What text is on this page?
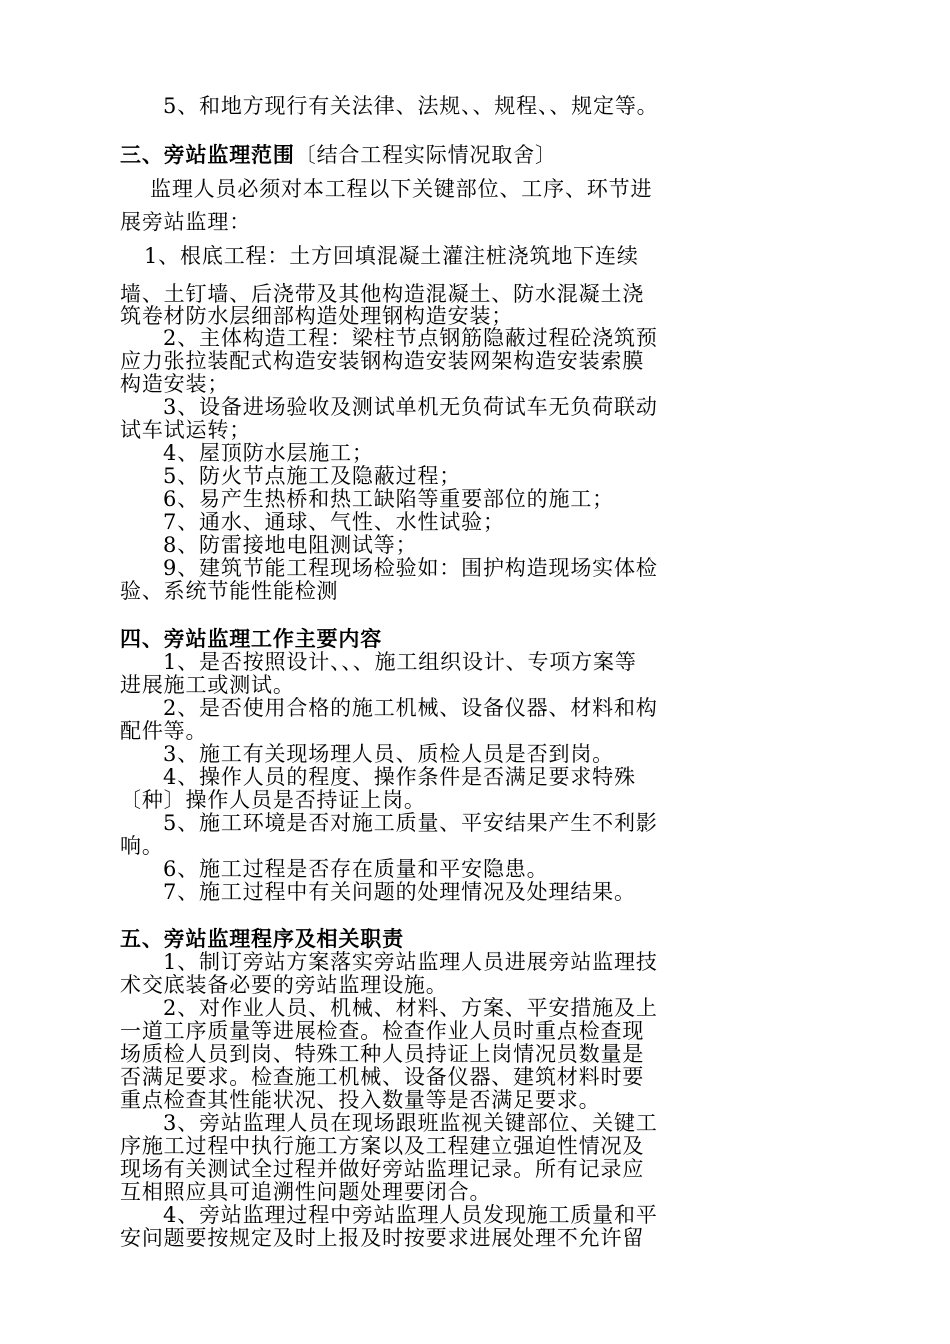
5、和地方现行有关法律、法规、、规程、、规定等。

三、旁站监理范围〔结合工程实际情况取舍〕

监理人员必须对本工程以下关键部位、工序、环节进

展旁站监理：

1、根底工程：土方回填混凝土灌注桩浇筑地下连续

墙、土钉墙、后浇带及其他构造混凝土、防水混凝土浇

筑卷材防水层细部构造处理钢构造安装；

2、主体构造工程：梁柱节点钢筋隐蔽过程砼浇筑预

应力张拉装配式构造安装钢构造安装网架构造安装索膜

构造安装；

3、设备进场验收及测试单机无负荷试车无负荷联动

试车试运转；

4、屋顶防水层施工；

5、防火节点施工及隐蔽过程；

6、易产生热桥和热工缺陷等重要部位的施工；

7、通水、通球、气性、水性试验；

8、防雷接地电阻测试等；

9、建筑节能工程现场检验如：围护构造现场实体检

验、系统节能性能检测

四、旁站监理工作主要内容

1、是否按照设计、、、施工组织设计、专项方案等

进展施工或测试。

2、是否使用合格的施工机械、设备仪器、材料和构

配件等。

3、施工有关现场理人员、质检人员是否到岗。

4、操作人员的程度、操作条件是否满足要求特殊

〔种〕操作人员是否持证上岗。

5、施工环境是否对施工质量、平安结果产生不利影

响。

6、施工过程是否存在质量和平安隐患。

7、施工过程中有关问题的处理情况及处理结果。

五、旁站监理程序及相关职责

1、制订旁站方案落实旁站监理人员进展旁站监理技

术交底装备必要的旁站监理设施。

2、对作业人员、机械、材料、方案、平安措施及上

一道工序质量等进展检查。检查作业人员时重点检查现

场质检人员到岗、特殊工种人员持证上岗情况员数量是

否满足要求。检查施工机械、设备仪器、建筑材料时要

重点检查其性能状况、投入数量等是否满足要求。

3、旁站监理人员在现场跟班监视关键部位、关键工

序施工过程中执行施工方案以及工程建立强迫性情况及

现场有关测试全过程并做好旁站监理记录。所有记录应

互相照应具可追溯性问题处理要闭合。

4、旁站监理过程中旁站监理人员发现施工质量和平

安问题要按规定及时上报及时按要求进展处理不允许留
